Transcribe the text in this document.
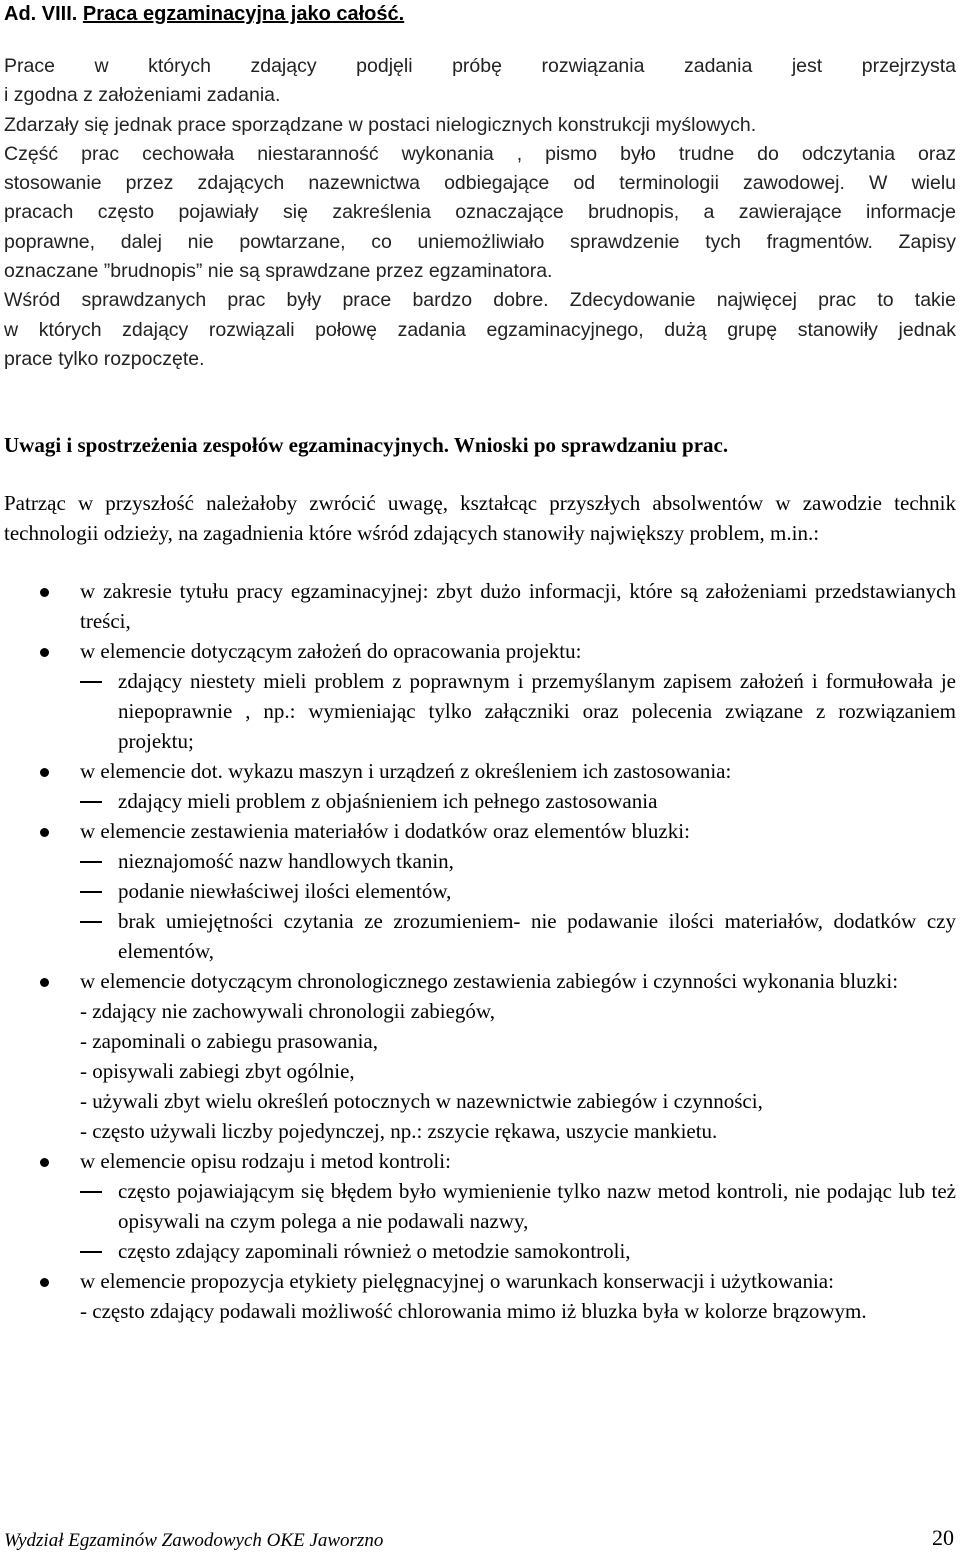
Ad. VIII. Praca egzaminacyjna jako całość.

Prace w których zdający podjęli próbę rozwiązania zadania jest przejrzysta
i zgodna z założeniami zadania.
Zdarzały się jednak prace sporządzane w postaci nielogicznych konstrukcji myślowych.
Część prac cechowała niestaranność wykonania , pismo było trudne do odczytania oraz
stosowanie przez zdających nazewnictwa odbiegające od terminologii zawodowej. W wielu
pracach często pojawiały się zakreślenia oznaczające brudnopis, a zawierające informacje
poprawne, dalej nie powtarzane, co uniemożliwiało sprawdzenie tych fragmentów. Zapisy
oznaczane ”brudnopis” nie są sprawdzane przez egzaminatora.
Wśród sprawdzanych prac były prace bardzo dobre. Zdecydowanie najwięcej prac to takie
w których zdający rozwiązali połowę zadania egzaminacyjnego, dużą grupę stanowiły jednak
prace tylko rozpoczęte.

Uwagi i spostrzeżenia zespołów egzaminacyjnych. Wnioski po sprawdzaniu prac.

Patrząc w przyszłość należałoby zwrócić uwagę, kształcąc przyszłych absolwentów w zawodzie technik technologii odzieży, na zagadnienia które wśród zdających stanowiły największy problem, m.in.:

w zakresie tytułu pracy egzaminacyjnej: zbyt dużo informacji, które są założeniami przedstawianych treści,
w elemencie dotyczącym założeń do opracowania projektu:
zdający niestety mieli problem z poprawnym i przemyślanym zapisem założeń i formułowała je niepoprawnie , np.: wymieniając tylko załączniki oraz polecenia związane z rozwiązaniem projektu;
w elemencie dot. wykazu maszyn i urządzeń z określeniem ich zastosowania:
zdający mieli problem z objaśnieniem ich pełnego zastosowania
w elemencie zestawienia materiałów i dodatków oraz elementów bluzki:
nieznajomość nazw handlowych tkanin,
podanie niewłaściwej ilości elementów,
brak umiejętności czytania ze zrozumieniem- nie podawanie ilości materiałów, dodatków czy elementów,
w elemencie dotyczącym chronologicznego zestawienia zabiegów i czynności wykonania bluzki:
- zdający nie zachowywali chronologii zabiegów,
- zapominali o zabiegu prasowania,
- opisywali zabiegi zbyt ogólnie,
- używali zbyt wielu określeń potocznych w nazewnictwie zabiegów i czynności,
- często używali liczby pojedynczej, np.: zszycie rękawa, uszycie mankietu.
w elemencie opisu rodzaju i metod kontroli:
często pojawiającym się błędem było wymienienie tylko nazw metod kontroli, nie podając lub też opisywali na czym polega a nie podawali nazwy,
często zdający zapominali również o metodzie samokontroli,
w elemencie propozycja etykiety pielęgnacyjnej o warunkach konserwacji i użytkowania:
- często zdający podawali możliwość chlorowania mimo iż bluzka była w kolorze brązowym.
Wydział Egzaminów Zawodowych OKE Jaworzno	20
